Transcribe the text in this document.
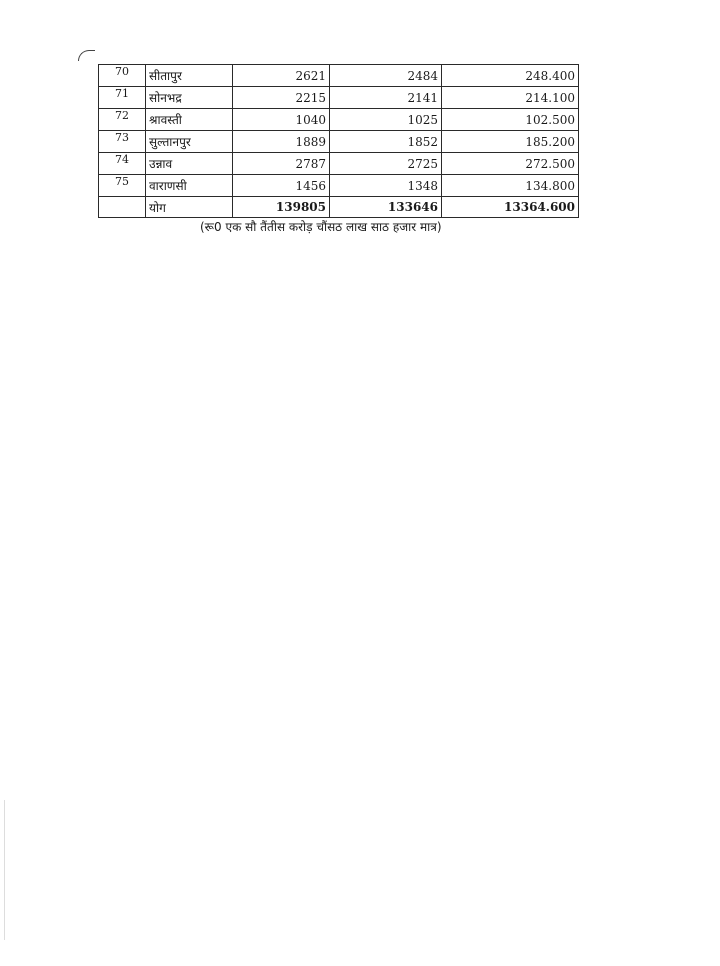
70	सीतापुर	2621	2484	248.400
71	सोनभद्र	2215	2141	214.100
72	श्रावस्ती	1040	1025	102.500
73	सुल्तानपुर	1889	1852	185.200
74	उन्नाव	2787	2725	272.500
75	वाराणसी	1456	1348	134.800
	योग	139805	133646	13364.600
(रू0 एक सौ तैंतीस करोड़ चौंसठ लाख साठ हजार मात्र)
